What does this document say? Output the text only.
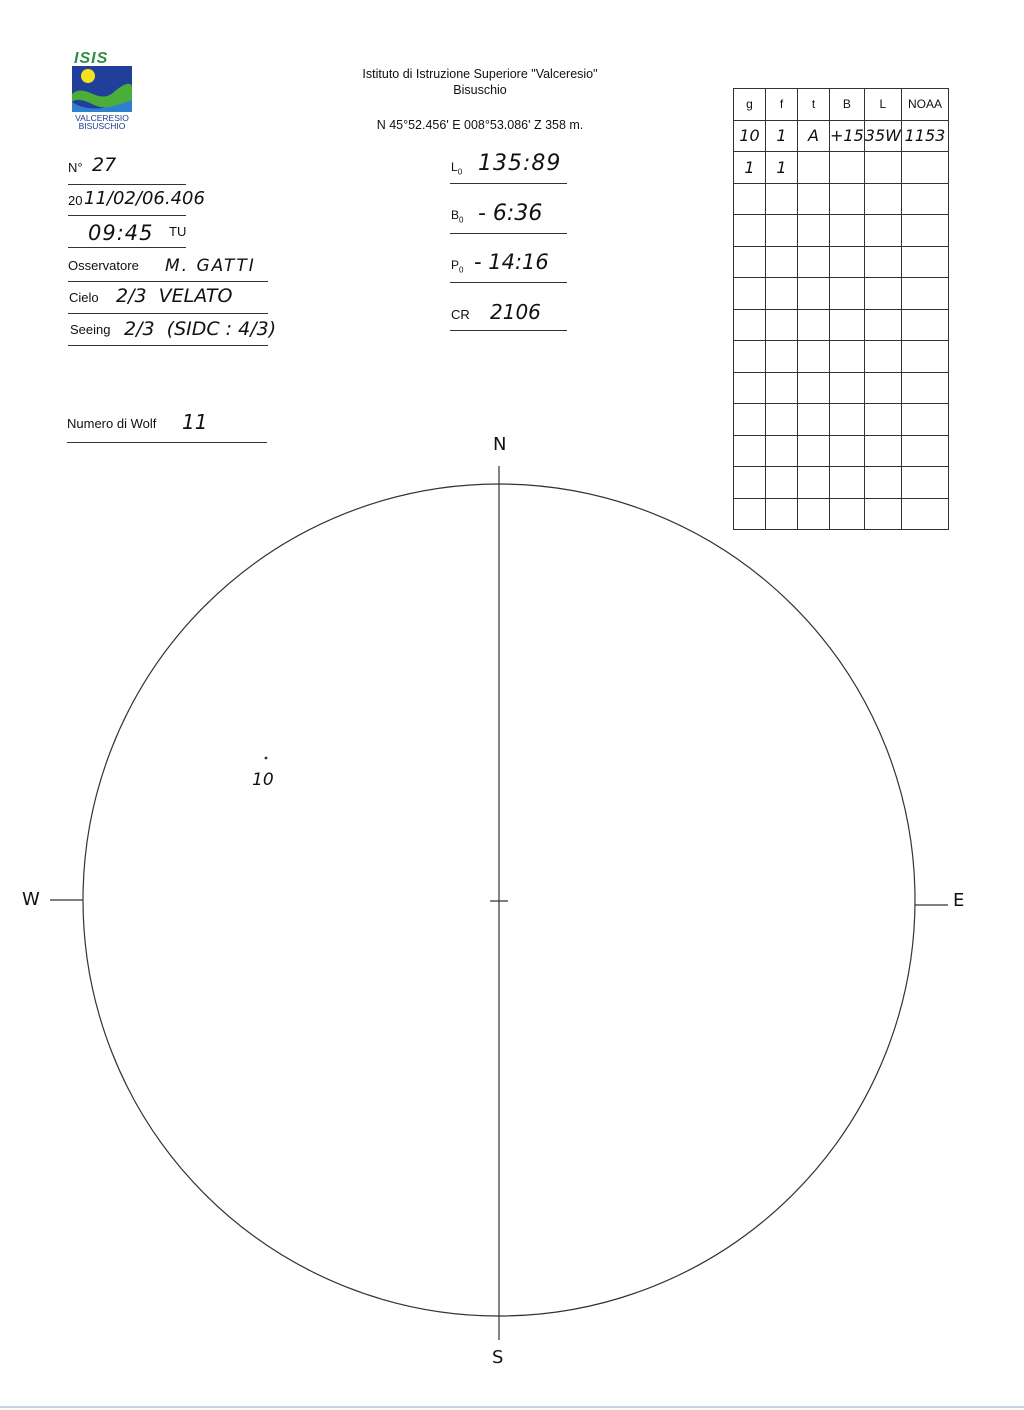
ISIS
VALCERESIO
BISUSCHIO
Istituto di Istruzione Superiore "Valceresio"
Bisuschio
N 45°52.456' E 008°53.086' Z 358 m.
N° 27
20 11/02/06.406
09:45 TU
Osservatore M. GATTI
Cielo 2/3  VELATO
Seeing 2/3  (SIDC : 4/3)
Numero di Wolf 11
$L_0$ 135:89
$B_0$ - 6:36
$P_0$ - 14:16
CR 2106
g	f	t	B	L	NOAA
10	1	A	+15	35W	1153
1	1				

N
S
E
W
10
